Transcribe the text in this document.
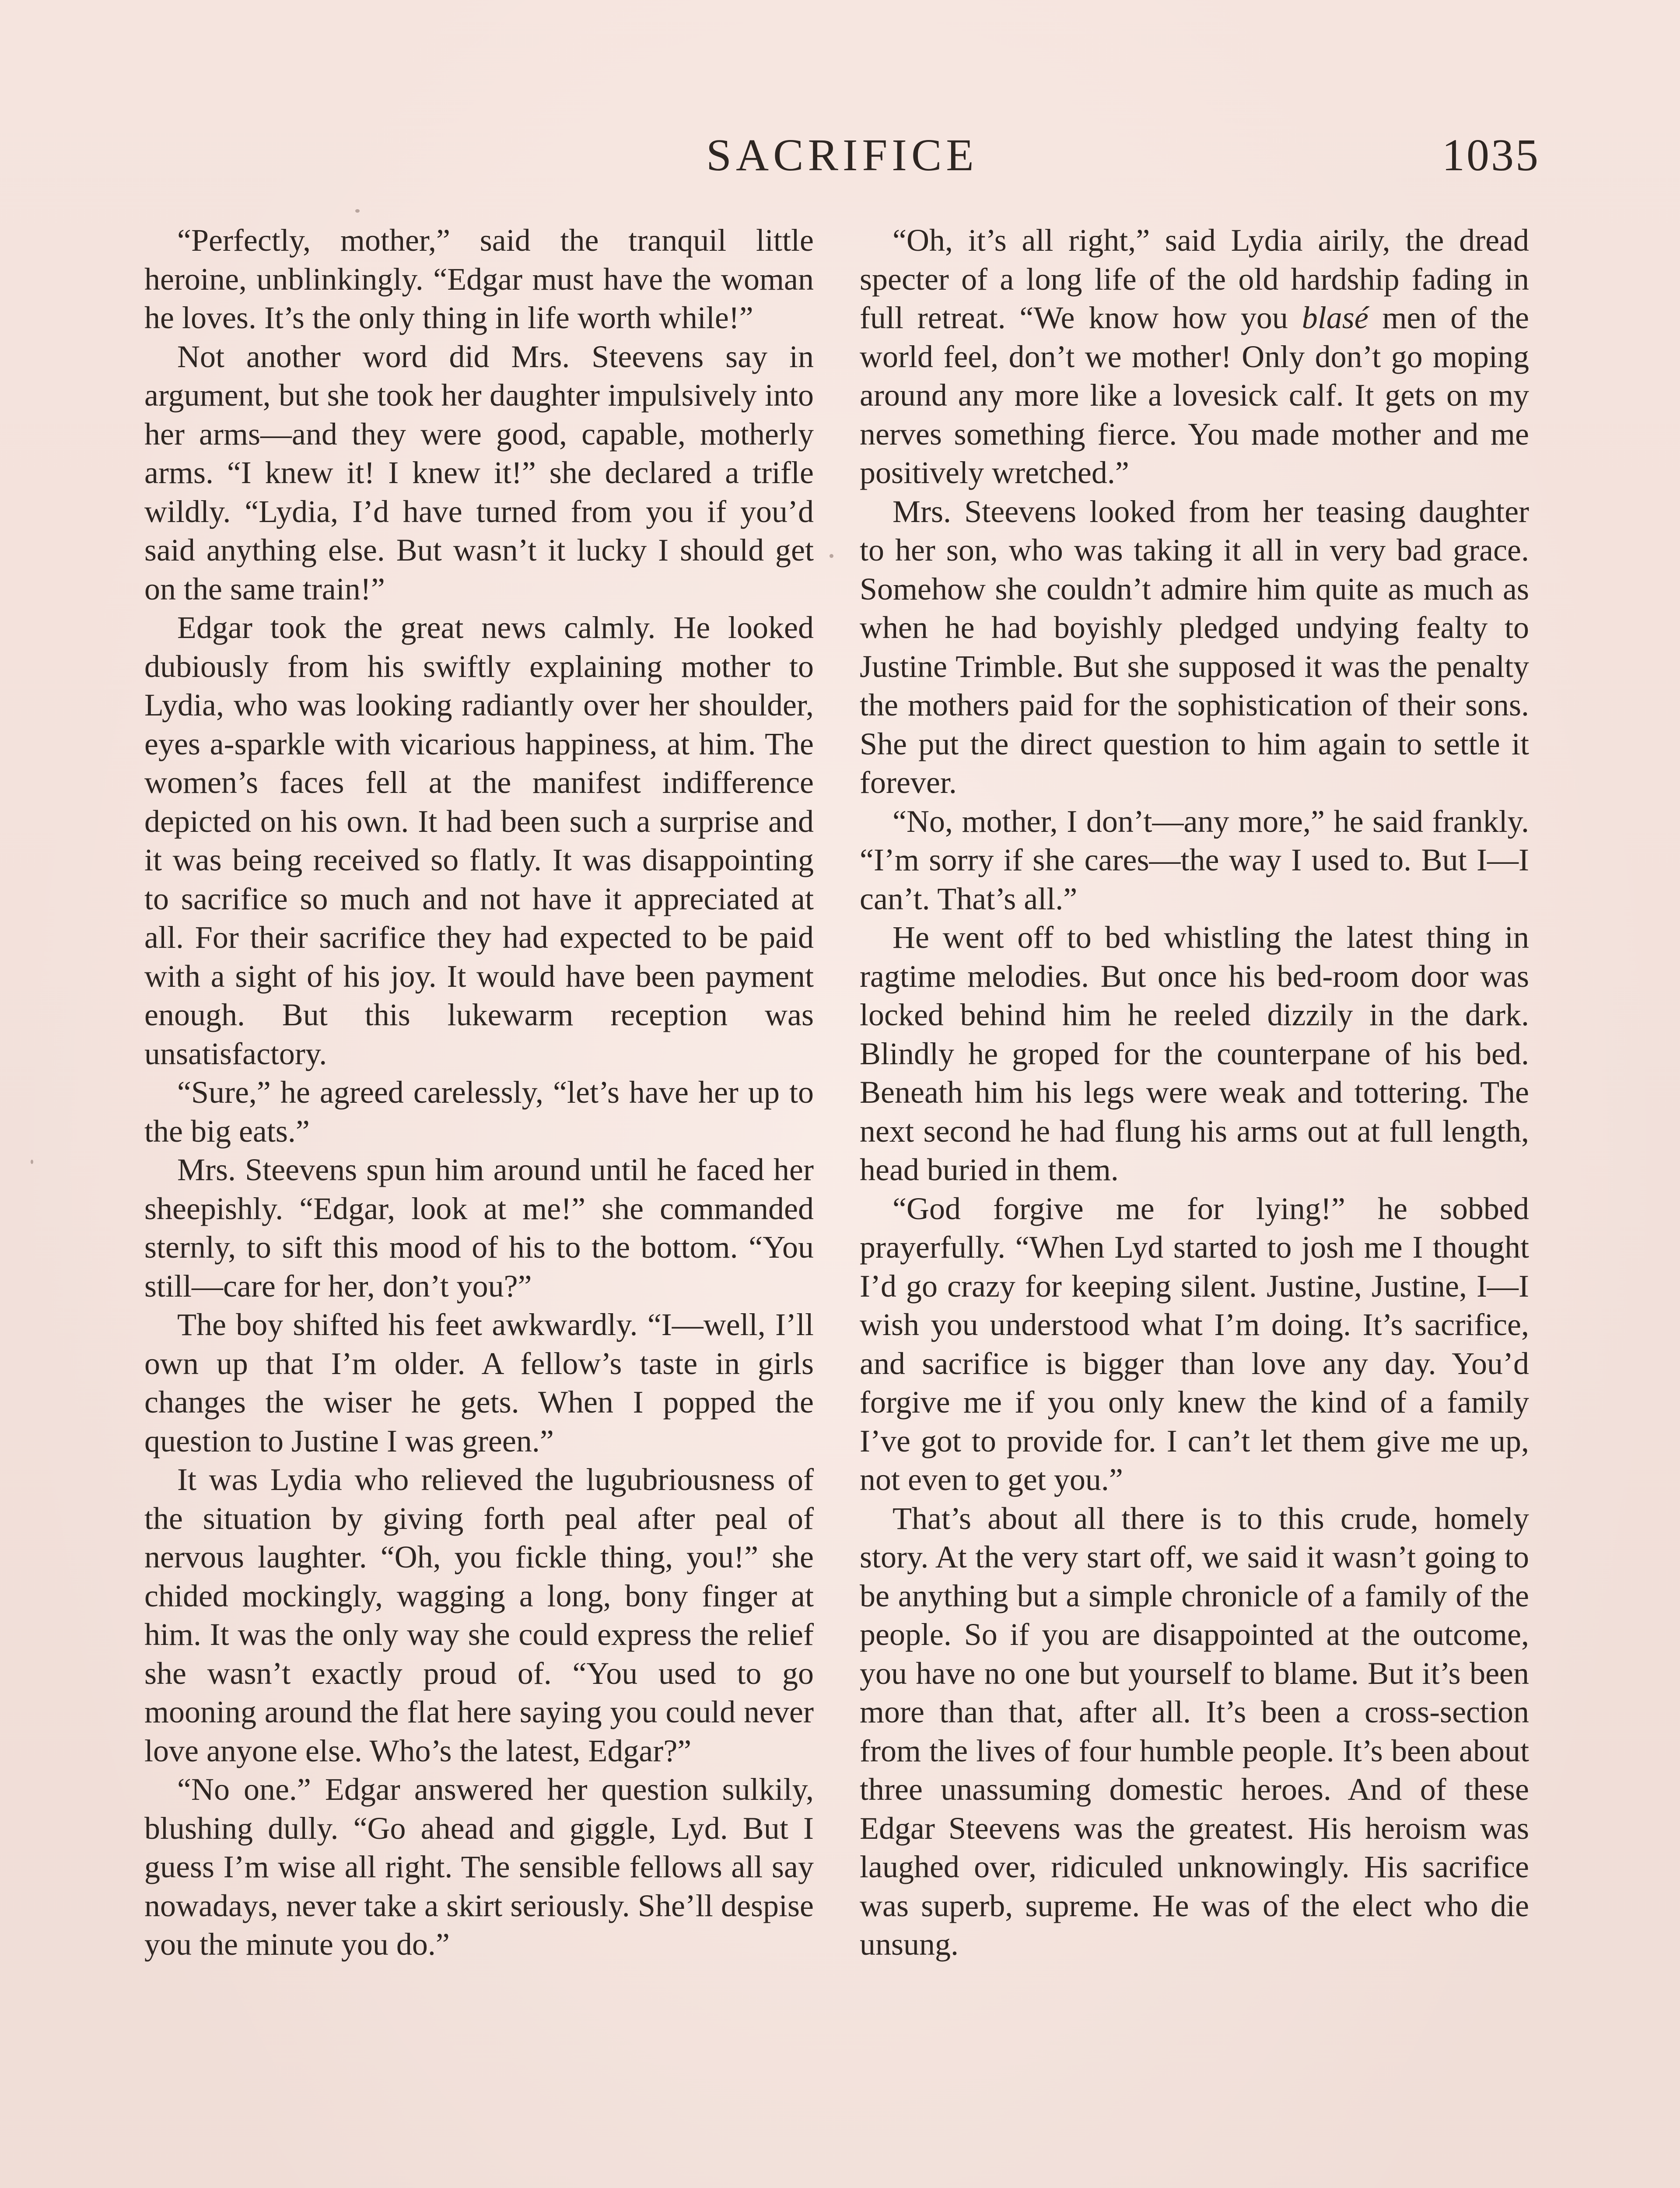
SACRIFICE	1035

“Perfectly, mother,” said the tranquil little heroine, unblinkingly. “Edgar must have the woman he loves. It’s the only thing in life worth while!”

Not another word did Mrs. Steevens say in argument, but she took her daughter impulsively into her arms—and they were good, capable, motherly arms. “I knew it! I knew it!” she declared a trifle wildly. “Lydia, I’d have turned from you if you’d said anything else. But wasn’t it lucky I should get on the same train!”

Edgar took the great news calmly. He looked dubiously from his swiftly explaining mother to Lydia, who was looking radiantly over her shoulder, eyes a-sparkle with vicarious happiness, at him. The women’s faces fell at the manifest indifference depicted on his own. It had been such a surprise and it was being received so flatly. It was disappointing to sacrifice so much and not have it appreciated at all. For their sacrifice they had expected to be paid with a sight of his joy. It would have been payment enough. But this lukewarm reception was unsatisfactory.

“Sure,” he agreed carelessly, “let’s have her up to the big eats.”

Mrs. Steevens spun him around until he faced her sheepishly. “Edgar, look at me!” she commanded sternly, to sift this mood of his to the bottom. “You still—care for her, don’t you?”

The boy shifted his feet awkwardly. “I—well, I’ll own up that I’m older. A fellow’s taste in girls changes the wiser he gets. When I popped the question to Justine I was green.”

It was Lydia who relieved the lugubriousness of the situation by giving forth peal after peal of nervous laughter. “Oh, you fickle thing, you!” she chided mockingly, wagging a long, bony finger at him. It was the only way she could express the relief she wasn’t exactly proud of. “You used to go mooning around the flat here saying you could never love anyone else. Who’s the latest, Edgar?”

“No one.” Edgar answered her question sulkily, blushing dully. “Go ahead and giggle, Lyd. But I guess I’m wise all right. The sensible fellows all say nowadays, never take a skirt seriously. She’ll despise you the minute you do.”

“Oh, it’s all right,” said Lydia airily, the dread specter of a long life of the old hardship fading in full retreat. “We know how you blasé men of the world feel, don’t we mother! Only don’t go moping around any more like a lovesick calf. It gets on my nerves something fierce. You made mother and me positively wretched.”

Mrs. Steevens looked from her teasing daughter to her son, who was taking it all in very bad grace. Somehow she couldn’t admire him quite as much as when he had boyishly pledged undying fealty to Justine Trimble. But she supposed it was the penalty the mothers paid for the sophistication of their sons. She put the direct question to him again to settle it forever.

“No, mother, I don’t—any more,” he said frankly. “I’m sorry if she cares—the way I used to. But I—I can’t. That’s all.”

He went off to bed whistling the latest thing in ragtime melodies. But once his bed-room door was locked behind him he reeled dizzily in the dark. Blindly he groped for the counterpane of his bed. Beneath him his legs were weak and tottering. The next second he had flung his arms out at full length, head buried in them.

“God forgive me for lying!” he sobbed prayerfully. “When Lyd started to josh me I thought I’d go crazy for keeping silent. Justine, Justine, I—I wish you understood what I’m doing. It’s sacrifice, and sacrifice is bigger than love any day. You’d forgive me if you only knew the kind of a family I’ve got to provide for. I can’t let them give me up, not even to get you.”

That’s about all there is to this crude, homely story. At the very start off, we said it wasn’t going to be anything but a simple chronicle of a family of the people. So if you are disappointed at the outcome, you have no one but yourself to blame. But it’s been more than that, after all. It’s been a cross-section from the lives of four humble people. It’s been about three unassuming domestic heroes. And of these Edgar Steevens was the greatest. His heroism was laughed over, ridiculed unknowingly. His sacrifice was superb, supreme. He was of the elect who die unsung.
